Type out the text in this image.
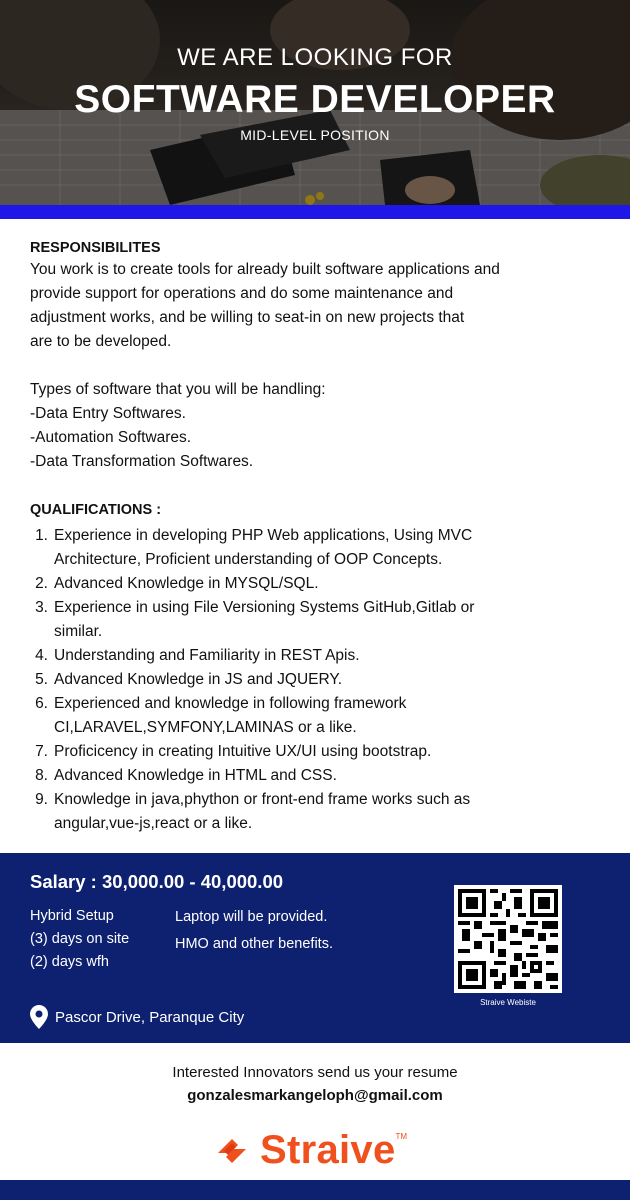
WE ARE LOOKING FOR
SOFTWARE DEVELOPER
MID-LEVEL POSITION
RESPONSIBILITES
You work is to create tools for already built software applications and
provide support for operations and do some maintenance and
adjustment works, and be willing to seat-in on new projects that
are to be developed.
Types of software that you will be handling:
-Data Entry Softwares.
-Automation Softwares.
-Data Transformation Softwares.
QUALIFICATIONS :
1. Experience in developing PHP Web applications, Using MVC
Architecture, Proficient understanding of OOP Concepts.
2. Advanced Knowledge in MYSQL/SQL.
3. Experience in using File Versioning Systems GitHub,Gitlab or
similar.
4. Understanding and Familiarity in REST Apis.
5. Advanced Knowledge in JS and JQUERY.
6. Experienced and knowledge in following framework
CI,LARAVEL,SYMFONY,LAMINAS or a like.
7. Proficicency in creating Intuitive UX/UI using bootstrap.
8. Advanced Knowledge in HTML and CSS.
9. Knowledge in java,phython or front-end frame works such as
angular,vue-js,react or a like.
Salary : 30,000.00 - 40,000.00
Hybrid Setup
(3) days on site
(2) days wfh
Laptop will be provided.
HMO and other benefits.
Straive Webiste
Pascor Drive, Paranque City
Interested Innovators send us your resume
gonzalesmarkangeloph@gmail.com
Straive TM
